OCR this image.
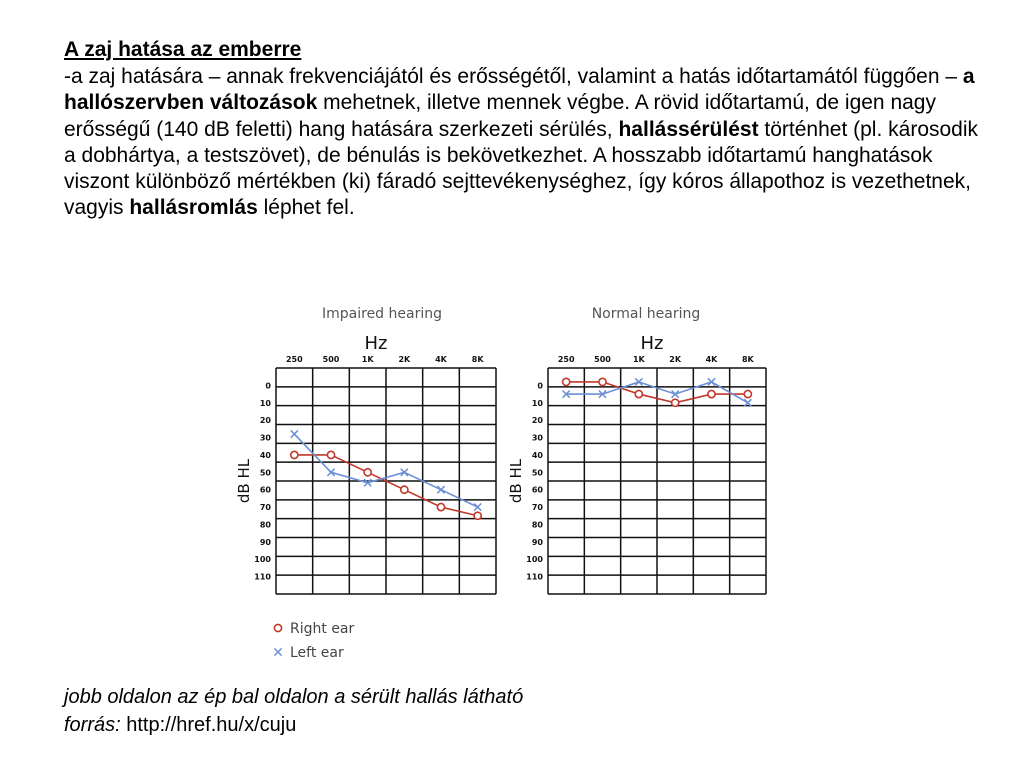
A zaj hatása az emberre

-a zaj hatására – annak frekvenciájától és erősségétől, valamint a hatás időtartamától függően – a hallószervben változások mehetnek, illetve mennek végbe. A rövid időtartamú, de igen nagy erősségű (140 dB feletti) hang hatására szerkezeti sérülés, hallássérülést történhet (pl. károsodik a dobhártya, a testszövet), de bénulás is bekövetkezhet. A hosszabb időtartamú hanghatások viszont különböző mértékben (ki) fáradó sejttevékenységhez, így kóros állapothoz is vezethetnek, vagyis hallásromlás léphet fel.

Impaired hearing
Hz
dB HL
250 500	1K	2K	4K	8K
0
10
20
30
40
50
60
70
80
90
100
110
Normal hearing
Hz
dB HL
250 500	1K	2K	4K	8K
0
10
20
30
40
50
60
70
80
90
100
110
Right ear
Left ear

jobb oldalon az ép bal oldalon a sérült hallás látható

forrás: http://href.hu/x/cuju
